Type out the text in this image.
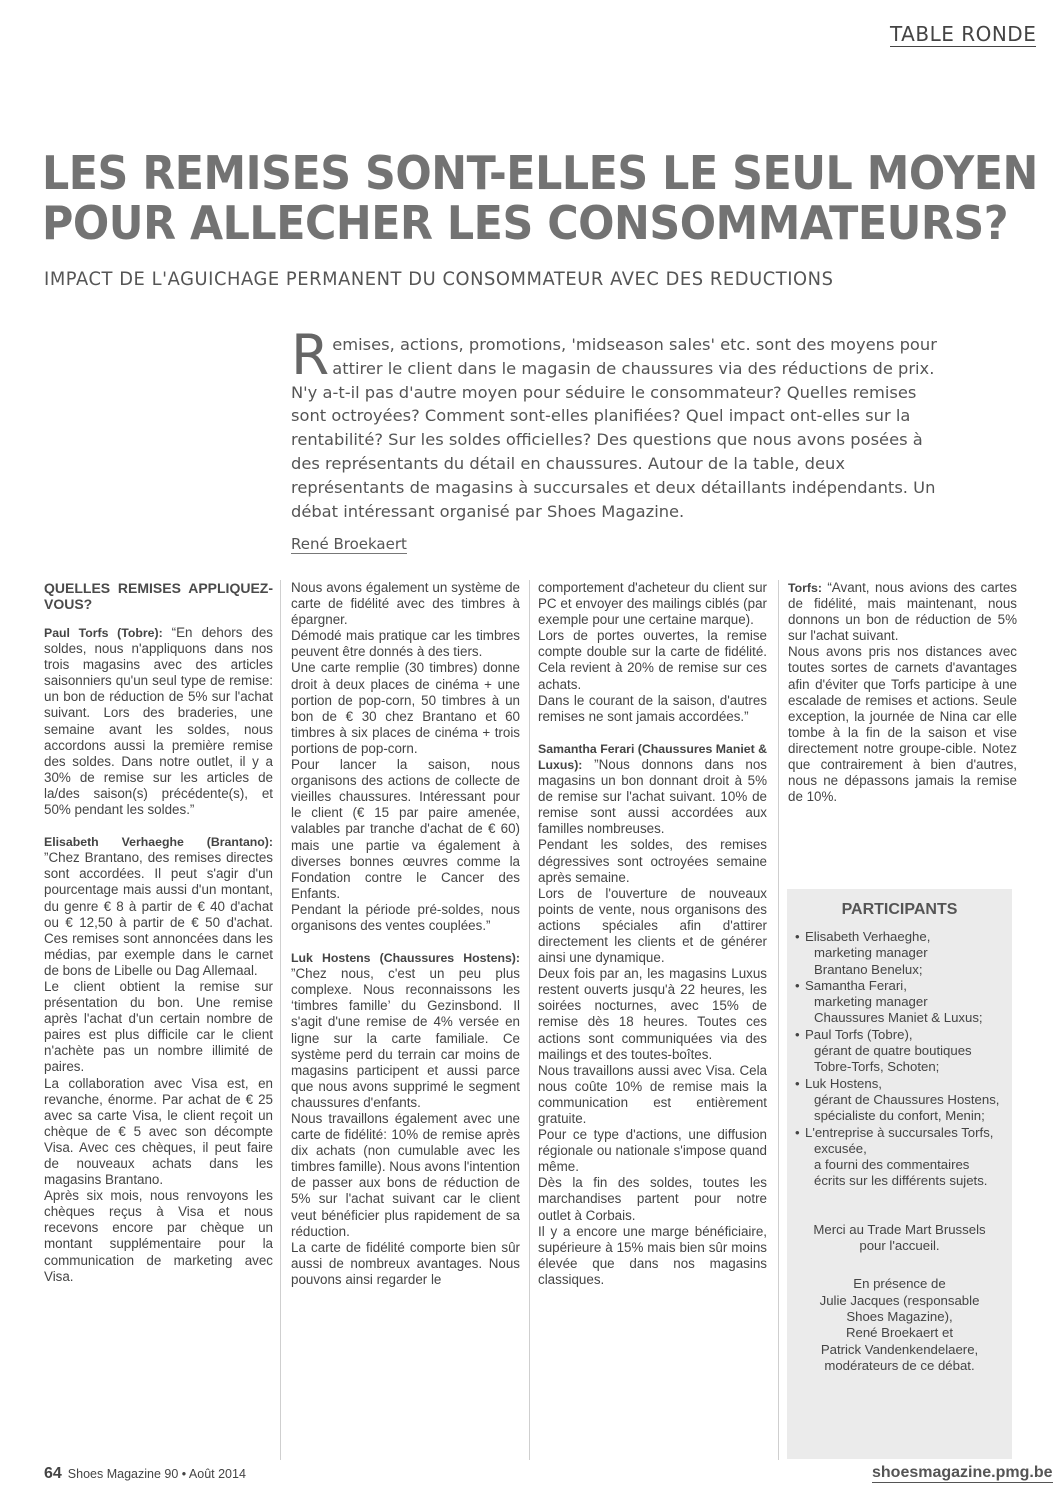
TABLE RONDE
LES REMISES SONT-ELLES LE SEUL MOYEN
POUR ALLECHER LES CONSOMMATEURS?
IMPACT DE L'AGUICHAGE PERMANENT DU CONSOMMATEUR AVEC DES REDUCTIONS
Remises, actions, promotions, 'midseason sales' etc. sont des moyens pour attirer le client dans le magasin de chaussures via des réductions de prix. N'y a-t-il pas d'autre moyen pour séduire le consommateur? Quelles remises sont octroyées? Comment sont-elles planifiées? Quel impact ont-elles sur la rentabilité? Sur les soldes officielles? Des questions que nous avons posées à des représentants du détail en chaussures. Autour de la table, deux représentants de magasins à succursales et deux détaillants indépendants. Un débat intéressant organisé par Shoes Magazine.
René Broekaert
QUELLES REMISES APPLIQUEZ-VOUS?

Paul Torfs (Tobre): “En dehors des soldes, nous n'appliquons dans nos trois magasins avec des articles saisonniers qu'un seul type de remise: un bon de réduction de 5% sur l'achat suivant. Lors des braderies, une semaine avant les soldes, nous accordons aussi la première remise des soldes. Dans notre outlet, il y a 30% de remise sur les articles de la/des saison(s) précédente(s), et 50% pendant les soldes.”

Elisabeth Verhaeghe (Brantano): ”Chez Brantano, des remises directes sont accordées. Il peut s'agir d'un pourcentage mais aussi d'un montant, du genre € 8 à partir de € 40 d'achat ou € 12,50 à partir de € 50 d'achat. Ces remises sont annoncées dans les médias, par exemple dans le carnet de bons de Libelle ou Dag Allemaal.

Le client obtient la remise sur présentation du bon. Une remise après l'achat d'un certain nombre de paires est plus difficile car le client n'achète pas un nombre illimité de paires.

La collaboration avec Visa est, en revanche, énorme. Par achat de € 25 avec sa carte Visa, le client reçoit un chèque de € 5 avec son décompte Visa. Avec ces chèques, il peut faire de nouveaux achats dans les magasins Brantano.

Après six mois, nous renvoyons les chèques reçus à Visa et nous recevons encore par chèque un montant supplémentaire pour la communication de marketing avec Visa.

Nous avons également un système de carte de fidélité avec des timbres à épargner.

Démodé mais pratique car les timbres peuvent être donnés à des tiers.

Une carte remplie (30 timbres) donne droit à deux places de cinéma + une portion de pop-corn, 50 timbres à un bon de € 30 chez Brantano et 60 timbres à six places de cinéma + trois portions de pop-corn.

Pour lancer la saison, nous organisons des actions de collecte de vieilles chaussures. Intéressant pour le client (€ 15 par paire amenée, valables par tranche d'achat de € 60) mais une partie va également à diverses bonnes œuvres comme la Fondation contre le Cancer des Enfants.

Pendant la période pré-soldes, nous organisons des ventes couplées.”

Luk Hostens (Chaussures Hostens): ”Chez nous, c'est un peu plus complexe. Nous reconnaissons les ‘timbres famille’ du Gezinsbond. Il s'agit d'une remise de 4% versée en ligne sur la carte familiale. Ce système perd du terrain car moins de magasins participent et aussi parce que nous avons supprimé le segment chaussures d'enfants.

Nous travaillons également avec une carte de fidélité: 10% de remise après dix achats (non cumulable avec les timbres famille). Nous avons l'intention de passer aux bons de réduction de 5% sur l'achat suivant car le client veut bénéficier plus rapidement de sa réduction.

La carte de fidélité comporte bien sûr aussi de nombreux avantages. Nous pouvons ainsi regarder le

comportement d'acheteur du client sur PC et envoyer des mailings ciblés (par exemple pour une certaine marque).

Lors de portes ouvertes, la remise compte double sur la carte de fidélité. Cela revient à 20% de remise sur ces achats.

Dans le courant de la saison, d'autres remises ne sont jamais accordées.”

Samantha Ferari (Chaussures Maniet & Luxus): ”Nous donnons dans nos magasins un bon donnant droit à 5% de remise sur l'achat suivant. 10% de remise sont aussi accordées aux familles nombreuses.

Pendant les soldes, des remises dégressives sont octroyées semaine après semaine.

Lors de l'ouverture de nouveaux points de vente, nous organisons des actions spéciales afin d'attirer directement les clients et de générer ainsi une dynamique.

Deux fois par an, les magasins Luxus restent ouverts jusqu'à 22 heures, les soirées nocturnes, avec 15% de remise dès 18 heures. Toutes ces actions sont communiquées via des mailings et des toutes-boîtes.

Nous travaillons aussi avec Visa. Cela nous coûte 10% de remise mais la communication est entièrement gratuite.

Pour ce type d'actions, une diffusion régionale ou nationale s'impose quand même.

Dès la fin des soldes, toutes les marchandises partent pour notre outlet à Corbais.

Il y a encore une marge bénéficiaire, supérieure à 15% mais bien sûr moins élevée que dans nos magasins classiques.

Torfs: “Avant, nous avions des cartes de fidélité, mais maintenant, nous donnons un bon de réduction de 5% sur l'achat suivant.

Nous avons pris nos distances avec toutes sortes de carnets d'avantages afin d'éviter que Torfs participe à une escalade de remises et actions. Seule exception, la journée de Nina car elle tombe à la fin de la saison et vise directement notre groupe-cible. Notez que contrairement à bien d'autres, nous ne dépassons jamais la remise de 10%.

PARTICIPANTS
• Elisabeth Verhaeghe,
marketing manager
Brantano Benelux;
• Samantha Ferari,
marketing manager
Chaussures Maniet & Luxus;
• Paul Torfs (Tobre),
gérant de quatre boutiques
Tobre-Torfs, Schoten;
• Luk Hostens,
gérant de Chaussures Hostens,
spécialiste du confort, Menin;
• L'entreprise à succursales Torfs,
excusée,
a fourni des commentaires
écrits sur les différents sujets.
Merci au Trade Mart Brussels
pour l'accueil.
En présence de
Julie Jacques (responsable
Shoes Magazine),
René Broekaert et
Patrick Vandenkendelaere,
modérateurs de ce débat.
64 Shoes Magazine 90 • Août 2014	shoesmagazine.pmg.be
